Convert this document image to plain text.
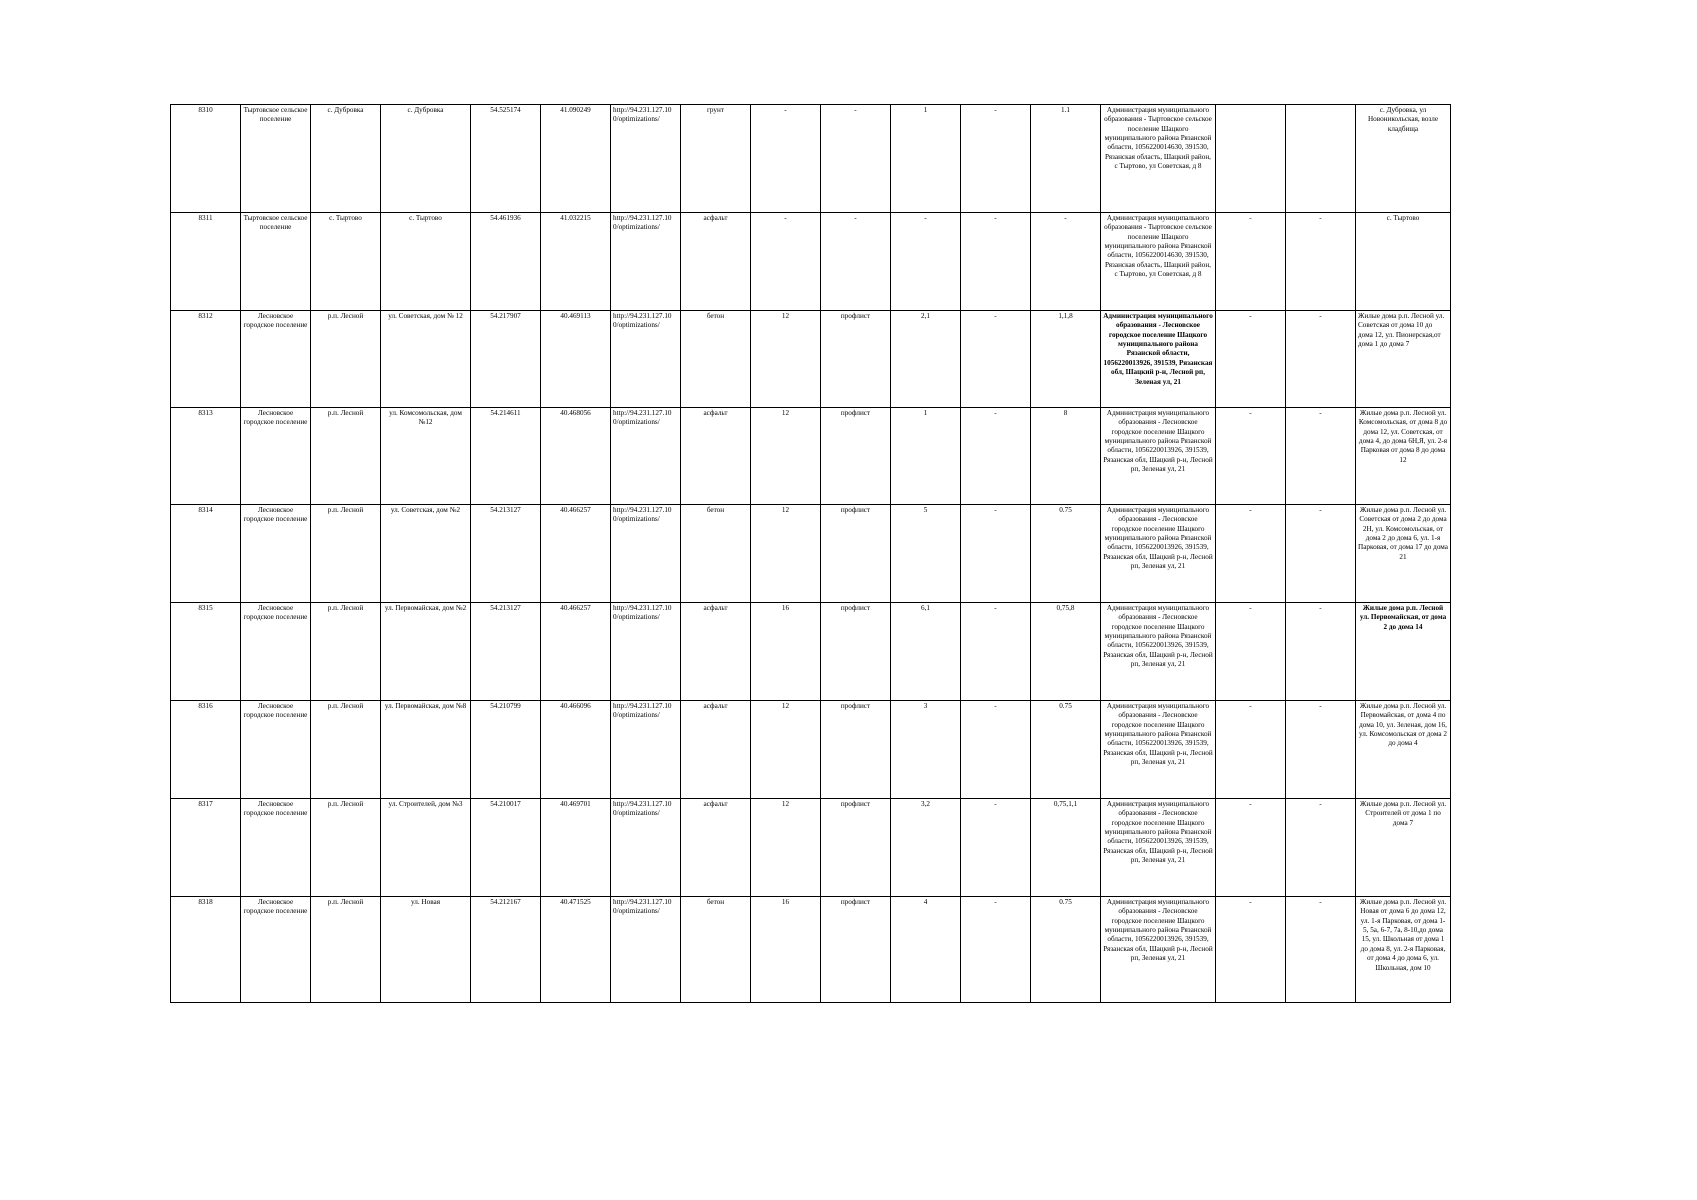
8310	Тыртовское сельское поселение	с. Дубровка	с. Дубровка	54.525174	41.090249	http://94.231.127.10 0/optimizations/	грунт	-	-	1	-	1.1	Администрация муниципального образования - Тыртовское сельское поселение Шацкого муниципального района Рязанской области, 1056220014630, 391530, Рязанская область, Шацкий район, с Тыртово, ул Советская, д 8			с. Дубровка, ул Новоникольская, возле кладбища
8311	Тыртовское сельское поселение	с. Тыртово	с. Тыртово	54.461936	41.032215	http://94.231.127.10 0/optimizations/	асфальт	-	-	-	-	-	Администрация муниципального образования - Тыртовское сельское поселение Шацкого муниципального района Рязанской области, 1056220014630, 391530, Рязанская область, Шацкий район, с Тыртово, ул Советская, д 8	-	-	с. Тыртово
8312	Лесновское городское поселение	р.п. Лесной	ул. Советская, дом № 12	54.217907	40.469113	http://94.231.127.10 0/optimizations/	бетон	12	профлист	2,1	-	1,1,8	Администрация муниципального образования - Лесновское городское поселение Шацкого муниципального района Рязанской области, 1056220013926, 391539, Рязанская обл, Шацкий р-н, Лесной рп, Зеленая ул, 21	-	-	Жилые дома р.п. Лесной ул. Советская от дома 10 до дома 12, ул. Пионерская,от дома 1 до дома 7
8313	Лесновское городское поселение	р.п. Лесной	ул. Комсомольская, дом №12	54.214611	40.468056	http://94.231.127.10 0/optimizations/	асфальт	12	профлист	1	-	8	Администрация муниципального образования - Лесновское городское поселение Шацкого муниципального района Рязанской области, 1056220013926, 391539, Рязанская обл, Шацкий р-н, Лесной рп, Зеленая ул, 21	-	-	Жилые дома р.п. Лесной ул. Комсомольская, от дома 8 до дома 12, ул. Советская, от дома 4, до дома 6Н,Я, ул. 2-я Парковая от дома 8 до дома 12
8314	Лесновское городское поселение	р.п. Лесной	ул. Советская, дом №2	54.213127	40.466257	http://94.231.127.10 0/optimizations/	бетон	12	профлист	5	-	0.75	Администрация муниципального образования - Лесновское городское поселение Шацкого муниципального района Рязанской области, 1056220013926, 391539, Рязанская обл, Шацкий р-н, Лесной рп, Зеленая ул, 21	-	-	Жилые дома р.п. Лесной ул. Советская от дома 2 до дома 2Н, ул. Комсомольская, от дома 2 до дома 6, ул. 1-я Парковая, от дома 17 до дома 21
8315	Лесновское городское поселение	р.п. Лесной	ул. Первомайская, дом №2	54.213127	40.466257	http://94.231.127.10 0/optimizations/	асфальт	16	профлист	6,1	-	0,75,8	Администрация муниципального образования - Лесновское городское поселение Шацкого муниципального района Рязанской области, 1056220013926, 391539, Рязанская обл, Шацкий р-н, Лесной рп, Зеленая ул, 21	-	-	Жилые дома р.п. Лесной ул. Первомайская, от дома 2 до дома 14
8316	Лесновское городское поселение	р.п. Лесной	ул. Первомайская, дом №8	54.210799	40.466096	http://94.231.127.10 0/optimizations/	асфальт	12	профлист	3	-	0.75	Администрация муниципального образования - Лесновское городское поселение Шацкого муниципального района Рязанской области, 1056220013926, 391539, Рязанская обл, Шацкий р-н, Лесной рп, Зеленая ул, 21	-	-	Жилые дома р.п. Лесной ул. Первомайская, от дома 4 по дома 10, ул. Зеленая, дом 16, ул. Комсомольская от дома 2 до дома 4
8317	Лесновское городское поселение	р.п. Лесной	ул. Строителей, дом №3	54.210017	40.469701	http://94.231.127.10 0/optimizations/	асфальт	12	профлист	3,2	-	0,75,1,1	Администрация муниципального образования - Лесновское городское поселение Шацкого муниципального района Рязанской области, 1056220013926, 391539, Рязанская обл, Шацкий р-н, Лесной рп, Зеленая ул, 21	-	-	Жилые дома р.п. Лесной ул. Строителей от дома 1 по дома 7
8318	Лесновское городское поселение	р.п. Лесной	ул. Новая	54.212167	40.471525	http://94.231.127.10 0/optimizations/	бетон	16	профлист	4	-	0.75	Администрация муниципального образования - Лесновское городское поселение Шацкого муниципального района Рязанской области, 1056220013926, 391539, Рязанская обл, Шацкий р-н, Лесной рп, Зеленая ул, 21	-	-	Жилые дома р.п. Лесной ул. Новая от дома 6 до дома 12, ул. 1-я Парковая, от дома 1-5, 5а, 6-7, 7а, 8-10,до дома 15, ул. Школьная от дома 1 до дома 8, ул. 2-я Парковая, от дома 4 до дома 6, ул. Школьная, дом 10
